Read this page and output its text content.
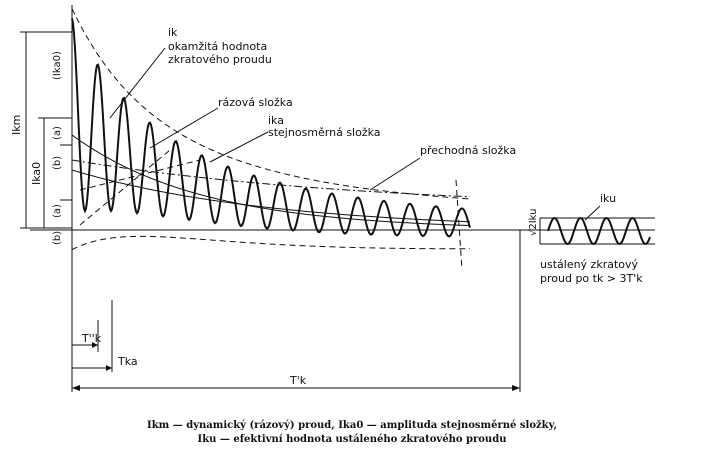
ik
okamžitá hodnota
zkratového proudu
rázová složka
ika
stejnosměrná složka
přechodná složka
iku
ustálený zkratový
proud po tk > 3T'k
Ikm
Ika0
(Ika0)
(a)
(b)
(a)
(b)
√2Iku
T''k
Tka
T'k
Ikm — dynamický (rázový) proud, Ika0 — amplituda stejnosměrné složky,
Iku — efektivní hodnota ustáleného zkratového proudu
